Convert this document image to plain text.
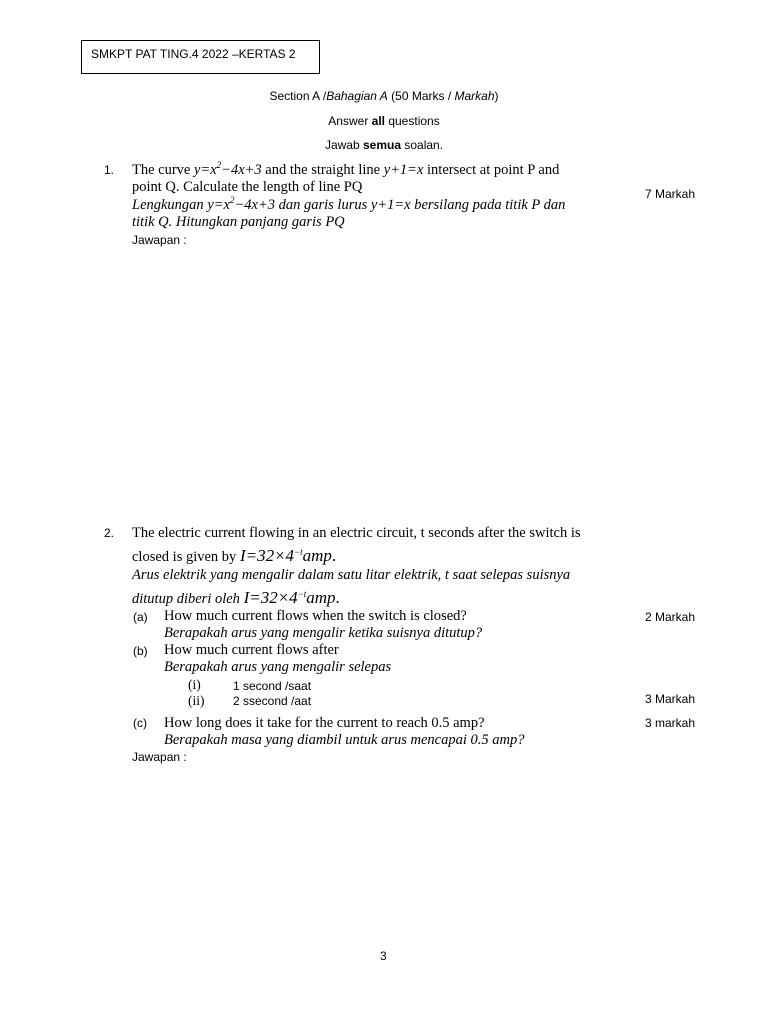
SMKPT PAT TING.4 2022 –KERTAS 2
Section A /Bahagian A (50 Marks / Markah)
Answer all questions
Jawab semua soalan.
1. The curve $y=x^2-4x+3$ and the straight line y+1=x intersect at point P and
point Q. Calculate the length of line PQ	7 Markah
Lengkungan $y=x^2-4x+3$ dan garis lurus y+1=x bersilang pada titik P dan
titik Q. Hitungkan panjang garis PQ
Jawapan :
2. The electric current flowing in an electric circuit, t seconds after the switch is
closed is given by $I=32\times 4^{-t}amp$.
Arus elektrik yang mengalir dalam satu litar elektrik, t saat selepas suisnya
ditutup diberi oleh $I=32\times 4^{-t}amp$.
(a) How much current flows when the switch is closed?	2 Markah
Berapakah arus yang mengalir ketika suisnya ditutup?
(b) How much current flows after
Berapakah arus yang mengalir selepas
(i)	1 second /saat
(ii) 2 ssecond /aat	3 Markah
(c) How long does it take for the current to reach 0.5 amp?	3 markah
Berapakah masa yang diambil untuk arus mencapai 0.5 amp?
Jawapan :
3
